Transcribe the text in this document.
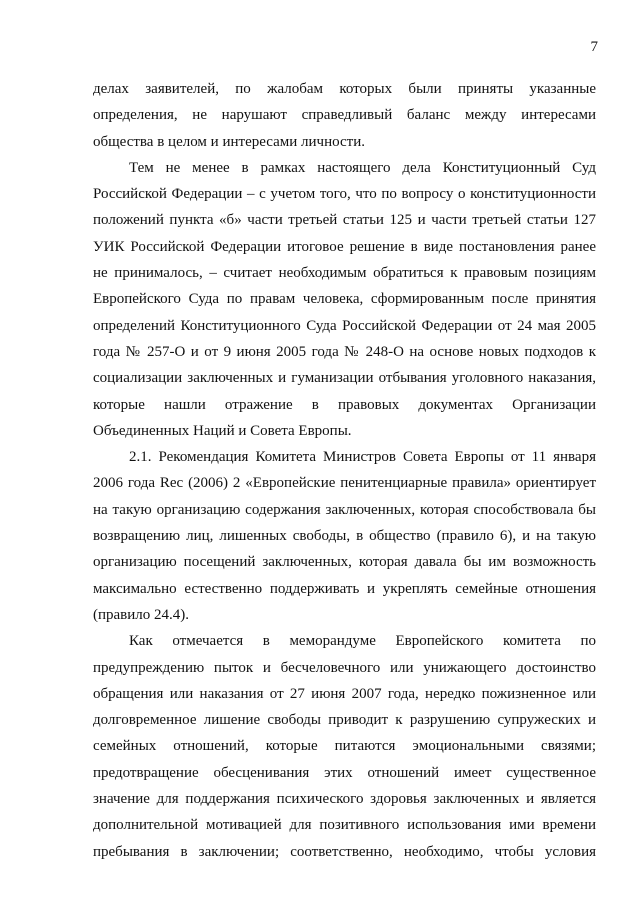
7

делах заявителей, по жалобам которых были приняты указанные
определения, не нарушают справедливый баланс между интересами
общества в целом и интересами личности.

Тем не менее в рамках настоящего дела Конституционный Суд
Российской Федерации – с учетом того, что по вопросу о конституционности
положений пункта «б» части третьей статьи 125 и части третьей статьи 127
УИК Российской Федерации итоговое решение в виде постановления ранее
не принималось, – считает необходимым обратиться к правовым позициям
Европейского Суда по правам человека, сформированным после принятия
определений Конституционного Суда Российской Федерации от 24 мая 2005
года № 257-О и от 9 июня 2005 года № 248-О на основе новых подходов к
социализации заключенных и гуманизации отбывания уголовного наказания,
которые нашли отражение в правовых документах Организации
Объединенных Наций и Совета Европы.

2.1. Рекомендация Комитета Министров Совета Европы от 11 января
2006 года Rec (2006) 2 «Европейские пенитенциарные правила» ориентирует
на такую организацию содержания заключенных, которая способствовала бы
возвращению лиц, лишенных свободы, в общество (правило 6), и на такую
организацию посещений заключенных, которая давала бы им возможность
максимально естественно поддерживать и укреплять семейные отношения
(правило 24.4).

Как отмечается в меморандуме Европейского комитета по
предупреждению пыток и бесчеловечного или унижающего достоинство
обращения или наказания от 27 июня 2007 года, нередко пожизненное или
долговременное лишение свободы приводит к разрушению супружеских и
семейных отношений, которые питаются эмоциональными связями;
предотвращение обесценивания этих отношений имеет существенное
значение для поддержания психического здоровья заключенных и является
дополнительной мотивацией для позитивного использования ими времени
пребывания в заключении; соответственно, необходимо, чтобы условия
